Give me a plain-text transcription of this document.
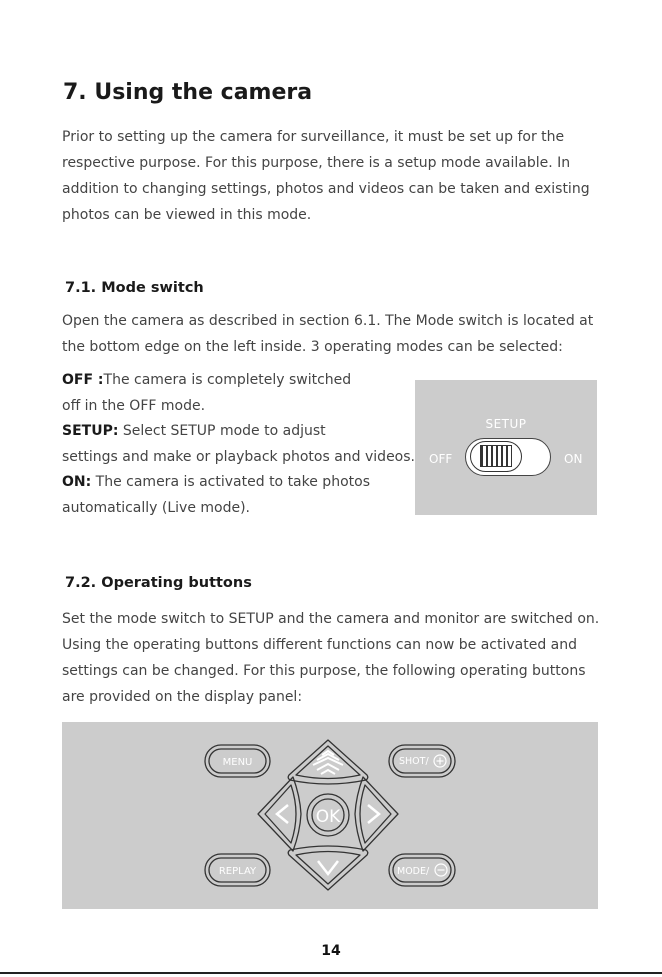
7. Using the camera

Prior to setting up the camera for surveillance, it must be set up for the
respective purpose. For this purpose, there is a setup mode available. In
addition to changing settings, photos and videos can be taken and existing
photos can be viewed in this mode.

7.1. Mode switch

Open the camera as described in section 6.1. The Mode switch is located at
the bottom edge on the left inside. 3 operating modes can be selected:

OFF :The camera is completely switched
off in the OFF mode.
SETUP: Select SETUP mode to adjust
settings and make or playback photos and videos.
ON: The camera is activated to take photos
automatically (Live mode).

SETUP
OFF	ON
7.2. Operating buttons

Set the mode switch to SETUP and the camera and monitor are switched on.
Using the operating buttons different functions can now be activated and
settings can be changed. For this purpose, the following operating buttons
are provided on the display panel:

MENU
REPLAY
SHOT/
MODE/
OK
14
